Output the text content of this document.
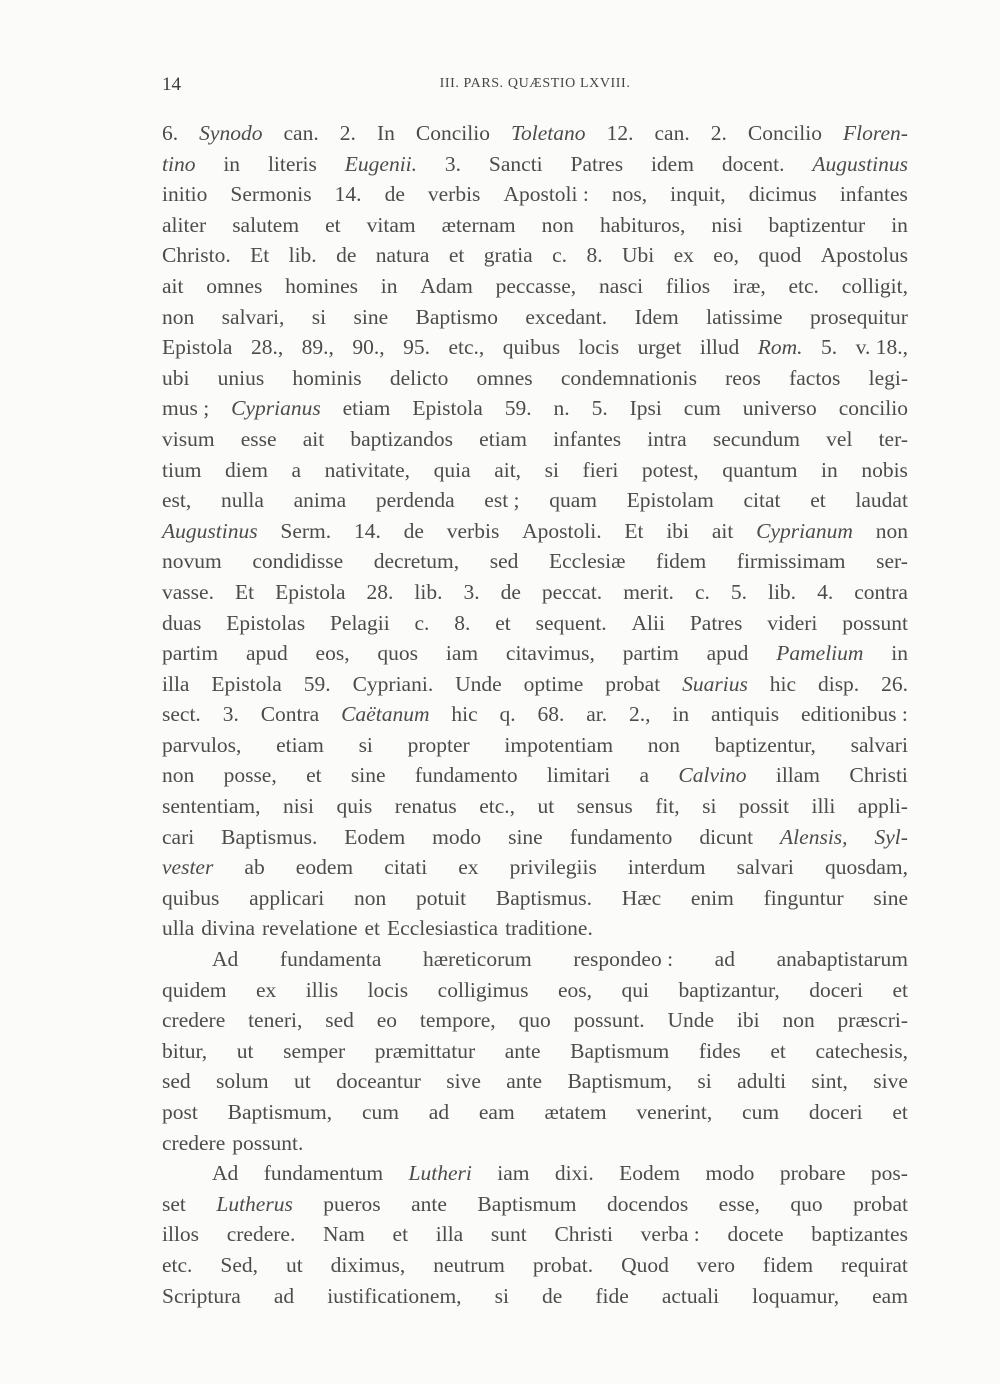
14	III. PARS. QUÆSTIO LXVIII.
6. Synodo can. 2. In Concilio Toletano 12. can. 2. Concilio Floren-
tino in literis Eugenii. 3. Sancti Patres idem docent. Augustinus
initio Sermonis 14. de verbis Apostoli : nos, inquit, dicimus infantes
aliter salutem et vitam æternam non habituros, nisi baptizentur in
Christo. Et lib. de natura et gratia c. 8. Ubi ex eo, quod Apostolus
ait omnes homines in Adam peccasse, nasci filios iræ, etc. colligit,
non salvari, si sine Baptismo excedant. Idem latissime prosequitur
Epistola 28., 89., 90., 95. etc., quibus locis urget illud Rom. 5. v. 18.,
ubi unius hominis delicto omnes condemnationis reos factos legi-
mus ; Cyprianus etiam Epistola 59. n. 5. Ipsi cum universo concilio
visum esse ait baptizandos etiam infantes intra secundum vel ter-
tium diem a nativitate, quia ait, si fieri potest, quantum in nobis
est, nulla anima perdenda est ; quam Epistolam citat et laudat
Augustinus Serm. 14. de verbis Apostoli. Et ibi ait Cyprianum non
novum condidisse decretum, sed Ecclesiæ fidem firmissimam ser-
vasse. Et Epistola 28. lib. 3. de peccat. merit. c. 5. lib. 4. contra
duas Epistolas Pelagii c. 8. et sequent. Alii Patres videri possunt
partim apud eos, quos iam citavimus, partim apud Pamelium in
illa Epistola 59. Cypriani. Unde optime probat Suarius hic disp. 26.
sect. 3. Contra Caëtanum hic q. 68. ar. 2., in antiquis editionibus :
parvulos, etiam si propter impotentiam non baptizentur, salvari
non posse, et sine fundamento limitari a Calvino illam Christi
sententiam, nisi quis renatus etc., ut sensus fit, si possit illi appli-
cari Baptismus. Eodem modo sine fundamento dicunt Alensis, Syl-
vester ab eodem citati ex privilegiis interdum salvari quosdam,
quibus applicari non potuit Baptismus. Hæc enim finguntur sine
ulla divina revelatione et Ecclesiastica traditione.
Ad fundamenta hæreticorum respondeo : ad anabaptistarum
quidem ex illis locis colligimus eos, qui baptizantur, doceri et
credere teneri, sed eo tempore, quo possunt. Unde ibi non præscri-
bitur, ut semper præmittatur ante Baptismum fides et catechesis,
sed solum ut doceantur sive ante Baptismum, si adulti sint, sive
post Baptismum, cum ad eam ætatem venerint, cum doceri et
credere possunt.
Ad fundamentum Lutheri iam dixi. Eodem modo probare pos-
set Lutherus pueros ante Baptismum docendos esse, quo probat
illos credere. Nam et illa sunt Christi verba : docete baptizantes
etc. Sed, ut diximus, neutrum probat. Quod vero fidem requirat
Scriptura ad iustificationem, si de fide actuali loquamur, eam
